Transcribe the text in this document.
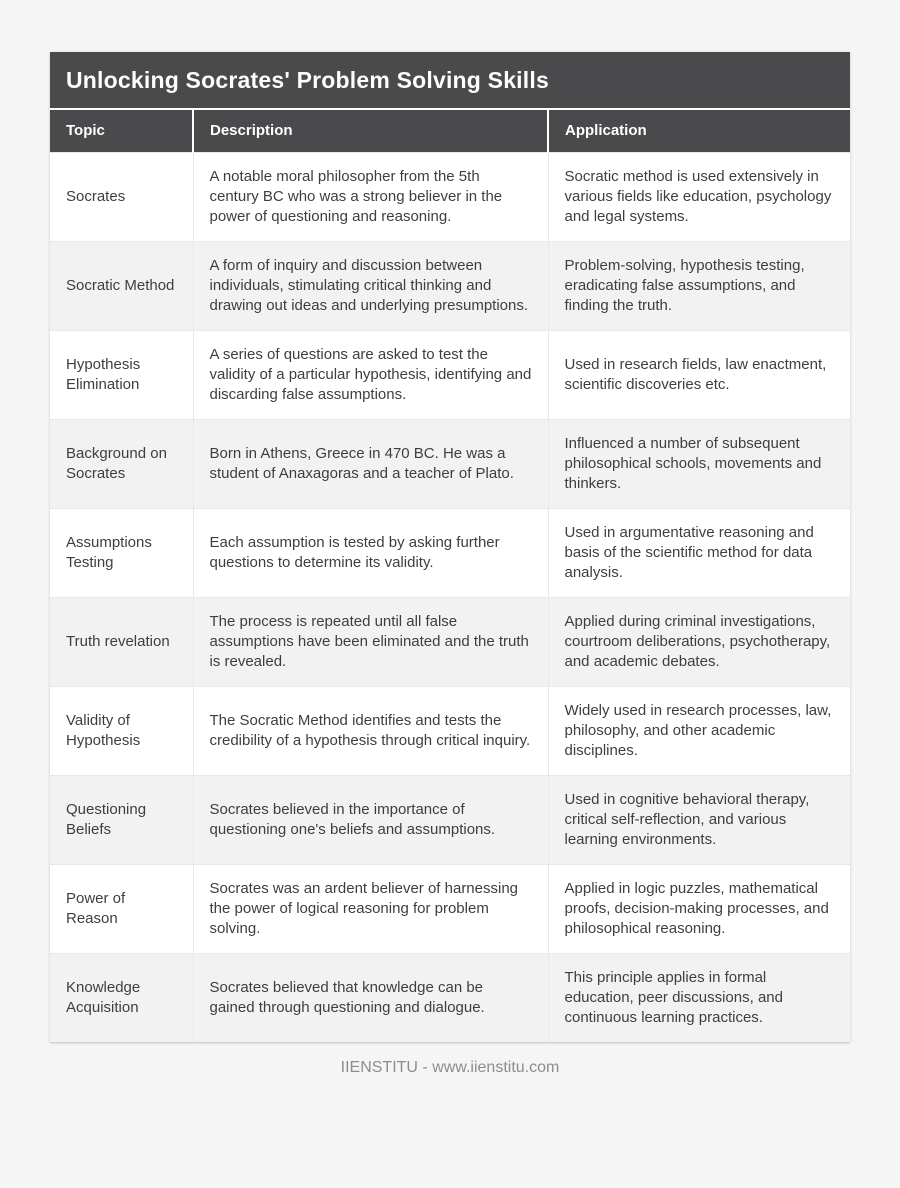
Unlocking Socrates' Problem Solving Skills
Topic	Description	Application
Socrates	A notable moral philosopher from the 5th century BC who was a strong believer in the power of questioning and reasoning.	Socratic method is used extensively in various fields like education, psychology and legal systems.
Socratic Method	A form of inquiry and discussion between individuals, stimulating critical thinking and drawing out ideas and underlying presumptions.	Problem-solving, hypothesis testing, eradicating false assumptions, and finding the truth.
Hypothesis Elimination	A series of questions are asked to test the validity of a particular hypothesis, identifying and discarding false assumptions.	Used in research fields, law enactment, scientific discoveries etc.
Background on Socrates	Born in Athens, Greece in 470 BC. He was a student of Anaxagoras and a teacher of Plato.	Influenced a number of subsequent philosophical schools, movements and thinkers.
Assumptions Testing	Each assumption is tested by asking further questions to determine its validity.	Used in argumentative reasoning and basis of the scientific method for data analysis.
Truth revelation	The process is repeated until all false assumptions have been eliminated and the truth is revealed.	Applied during criminal investigations, courtroom deliberations, psychotherapy, and academic debates.
Validity of Hypothesis	The Socratic Method identifies and tests the credibility of a hypothesis through critical inquiry.	Widely used in research processes, law, philosophy, and other academic disciplines.
Questioning Beliefs	Socrates believed in the importance of questioning one's beliefs and assumptions.	Used in cognitive behavioral therapy, critical self-reflection, and various learning environments.
Power of Reason	Socrates was an ardent believer of harnessing the power of logical reasoning for problem solving.	Applied in logic puzzles, mathematical proofs, decision-making processes, and philosophical reasoning.
Knowledge Acquisition	Socrates believed that knowledge can be gained through questioning and dialogue.	This principle applies in formal education, peer discussions, and continuous learning practices.
IIENSTITU - www.iienstitu.com
